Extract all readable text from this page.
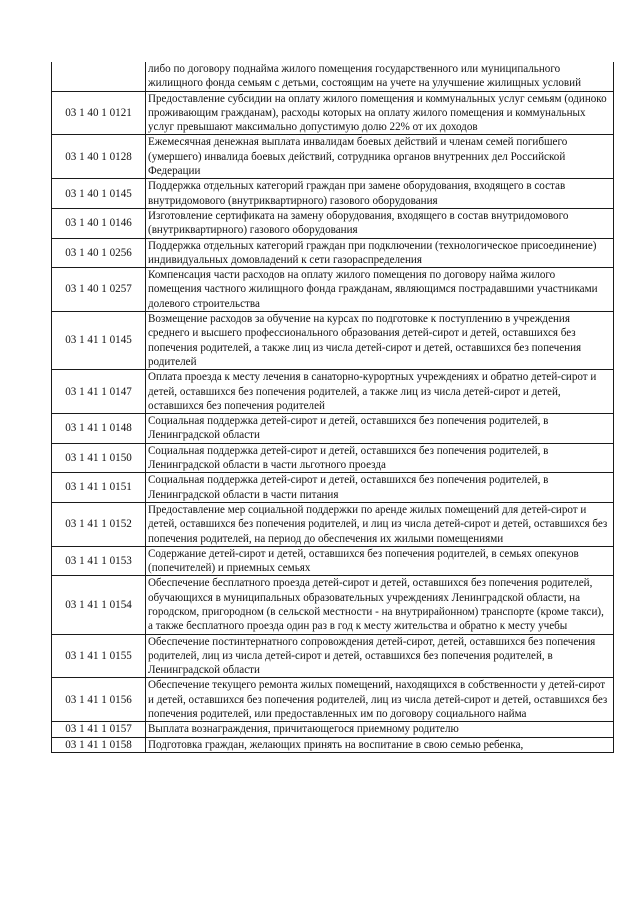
	либо по договору поднайма жилого помещения государственного или муниципального жилищного фонда семьям с детьми, состоящим на учете на улучшение жилищных условий
03 1 40 1 0121	Предоставление субсидии на оплату жилого помещения и коммунальных услуг семьям (одиноко проживающим гражданам), расходы которых на оплату жилого помещения и коммунальных услуг превышают максимально допустимую долю 22% от их доходов
03 1 40 1 0128	Ежемесячная денежная выплата инвалидам боевых действий и членам семей погибшего (умершего) инвалида боевых действий, сотрудника органов внутренних дел Российской Федерации
03 1 40 1 0145	Поддержка отдельных категорий граждан при замене оборудования, входящего в состав внутридомового (внутриквартирного) газового оборудования
03 1 40 1 0146	Изготовление сертификата на замену оборудования, входящего в состав внутридомового (внутриквартирного) газового оборудования
03 1 40 1 0256	Поддержка отдельных категорий граждан при подключении (технологическое присоединение) индивидуальных домовладений к сети газораспределения
03 1 40 1 0257	Компенсация части расходов на оплату жилого помещения по договору найма жилого помещения частного жилищного фонда гражданам, являющимся пострадавшими участниками долевого строительства
03 1 41 1 0145	Возмещение расходов за обучение на курсах по подготовке к поступлению в учреждения среднего и высшего профессионального образования детей-сирот и детей, оставшихся без попечения родителей, а также лиц из числа детей-сирот и детей, оставшихся без попечения родителей
03 1 41 1 0147	Оплата проезда к месту лечения в санаторно-курортных учреждениях и обратно детей-сирот и детей, оставшихся без попечения родителей, а также лиц из числа детей-сирот и детей, оставшихся без попечения родителей
03 1 41 1 0148	Социальная поддержка детей-сирот и детей, оставшихся без попечения родителей, в Ленинградской области
03 1 41 1 0150	Социальная поддержка детей-сирот и детей, оставшихся без попечения родителей, в Ленинградской области в части льготного проезда
03 1 41 1 0151	Социальная поддержка детей-сирот и детей, оставшихся без попечения родителей, в Ленинградской области в части питания
03 1 41 1 0152	Предоставление мер социальной поддержки по аренде жилых помещений для детей-сирот и детей, оставшихся без попечения родителей, и лиц из числа детей-сирот и детей, оставшихся без попечения родителей, на период до обеспечения их жилыми помещениями
03 1 41 1 0153	Содержание детей-сирот и детей, оставшихся без попечения родителей, в семьях опекунов (попечителей) и приемных семьях
03 1 41 1 0154	Обеспечение бесплатного проезда детей-сирот и детей, оставшихся без попечения родителей, обучающихся в муниципальных образовательных учреждениях Ленинградской области, на городском, пригородном (в сельской местности - на внутрирайонном) транспорте (кроме такси), а также бесплатного проезда один раз в год к месту жительства и обратно к месту учебы
03 1 41 1 0155	Обеспечение постинтернатного сопровождения детей-сирот, детей, оставшихся без попечения родителей, лиц из числа детей-сирот и детей, оставшихся без попечения родителей, в Ленинградской области
03 1 41 1 0156	Обеспечение текущего ремонта жилых помещений, находящихся в собственности у детей-сирот и детей, оставшихся без попечения родителей, лиц из числа детей-сирот и детей, оставшихся без попечения родителей, или предоставленных им по договору социального найма
03 1 41 1 0157	Выплата вознаграждения, причитающегося приемному родителю
03 1 41 1 0158	Подготовка граждан, желающих принять на воспитание в свою семью ребенка,
